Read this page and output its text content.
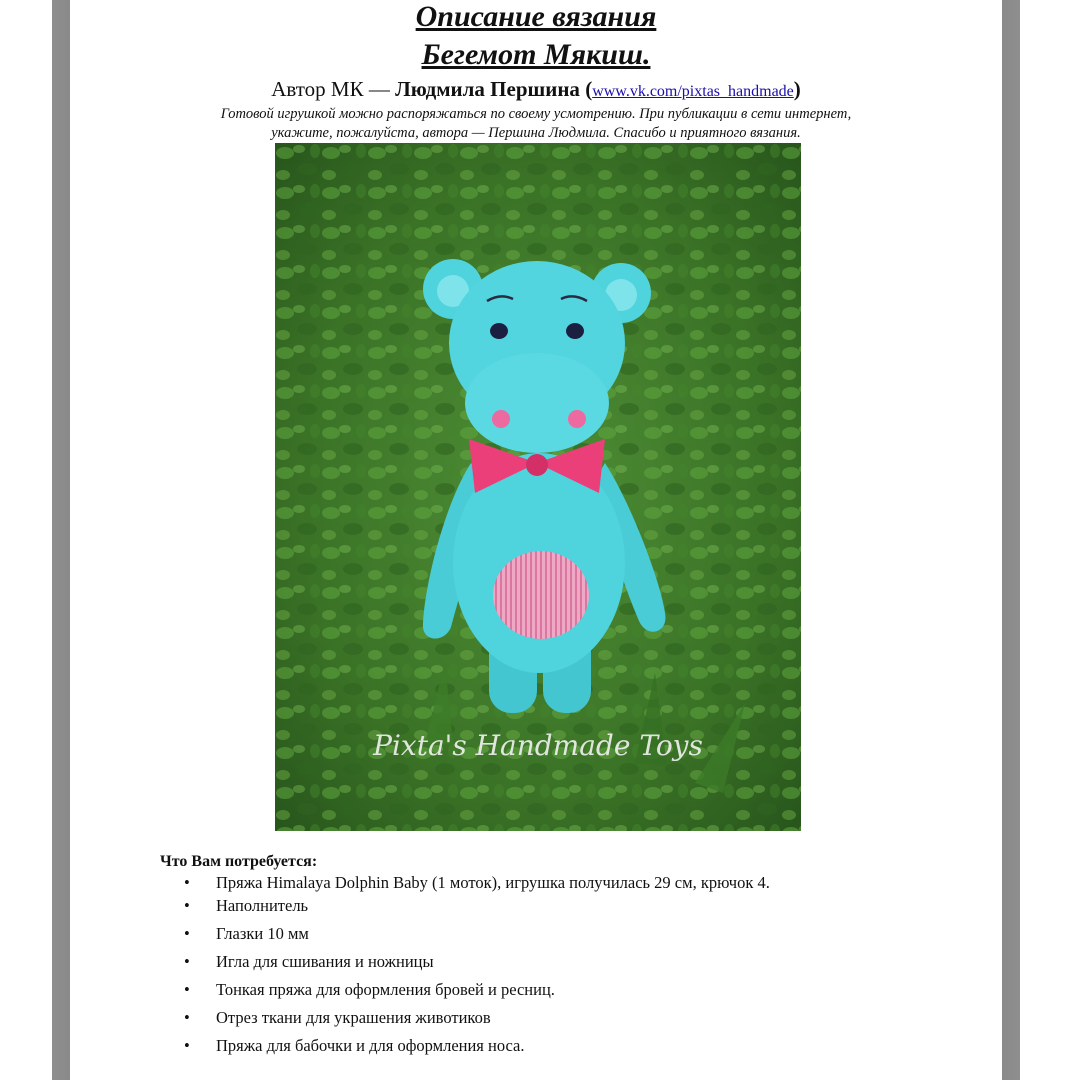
Описание вязания
Бегемот Мякиш.
Автор МК — Людмила Першина (www.vk.com/pixtas_handmade)
Готовой игрушкой можно распоряжаться по своему усмотрению. При публикации в сети интернет,
укажите, пожалуйста, автора — Першина Людмила. Спасибо и приятного вязания.
Pixta's Handmade Toys
Что Вам потребуется:
• Пряжа Himalaya Dolphin Baby (1 моток), игрушка получилась 29 см, крючок 4.
• Наполнитель
• Глазки 10 мм
• Игла для сшивания и ножницы
• Тонкая пряжа для оформления бровей и ресниц.
• Отрез ткани для украшения животиков
• Пряжа для бабочки и для оформления носа.
